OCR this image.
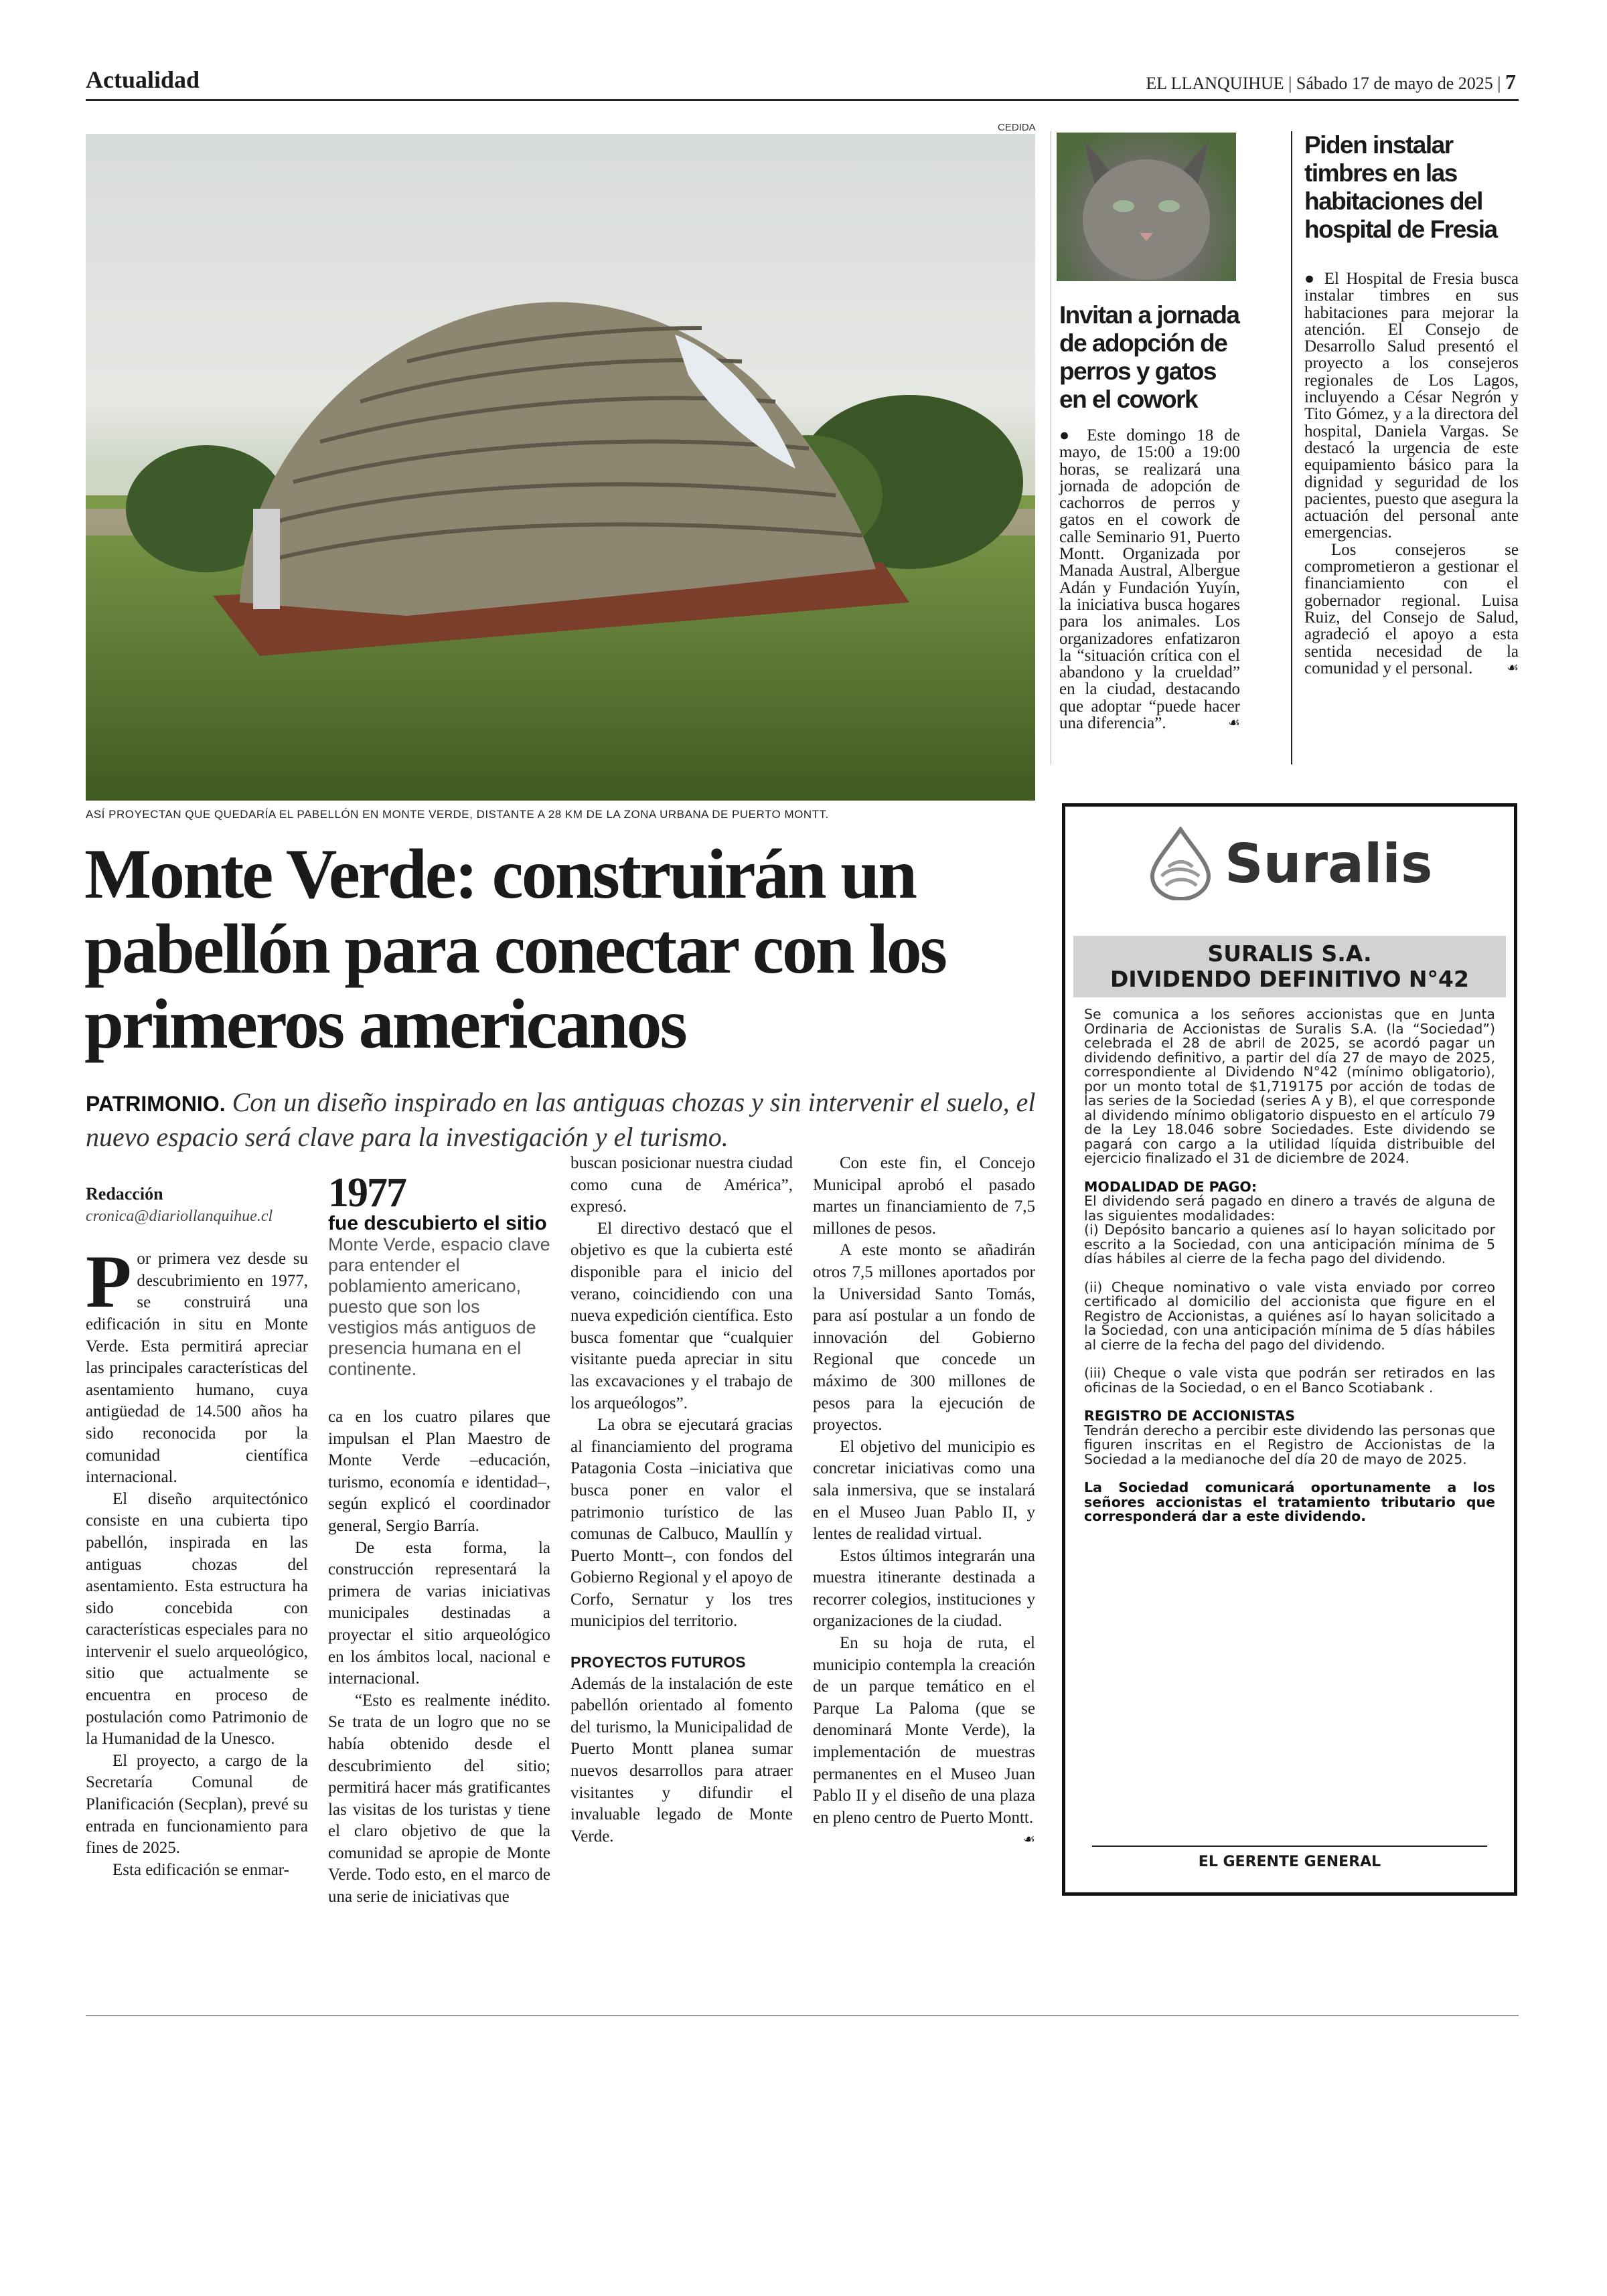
Actualidad	EL LLANQUIHUE | Sábado 17 de mayo de 2025 | 7
CEDIDA
ASÍ PROYECTAN QUE QUEDARÍA EL PABELLÓN EN MONTE VERDE, DISTANTE A 28 KM DE LA ZONA URBANA DE PUERTO MONTT.
Monte Verde: construirán un pabellón para conectar con los primeros americanos
PATRIMONIO. Con un diseño inspirado en las antiguas chozas y sin intervenir el suelo, el nuevo espacio será clave para la investigación y el turismo.
Redacción
cronica@diariollanquihue.cl

Por primera vez desde su descubrimiento en 1977, se construirá una edificación in situ en Monte Verde. Esta permitirá apreciar las principales características del asentamiento humano, cuya antigüedad de 14.500 años ha sido reconocida por la comunidad científica internacional.

El diseño arquitectónico consiste en una cubierta tipo pabellón, inspirada en las antiguas chozas del asentamiento. Esta estructura ha sido concebida con características especiales para no intervenir el suelo arqueológico, sitio que actualmente se encuentra en proceso de postulación como Patrimonio de la Humanidad de la Unesco.

El proyecto, a cargo de la Secretaría Comunal de Planificación (Secplan), prevé su entrada en funcionamiento para fines de 2025.

Esta edificación se enmar-

1977
fue descubierto el sitio Monte Verde, espacio clave para entender el poblamiento americano, puesto que son los vestigios más antiguos de presencia humana en el continente.

ca en los cuatro pilares que impulsan el Plan Maestro de Monte Verde –educación, turismo, economía e identidad–, según explicó el coordinador general, Sergio Barría.

De esta forma, la construcción representará la primera de varias iniciativas municipales destinadas a proyectar el sitio arqueológico en los ámbitos local, nacional e internacional.

“Esto es realmente inédito. Se trata de un logro que no se había obtenido desde el descubrimiento del sitio; permitirá hacer más gratificantes las visitas de los turistas y tiene el claro objetivo de que la comunidad se apropie de Monte Verde. Todo esto, en el marco de una serie de iniciativas que

buscan posicionar nuestra ciudad como cuna de América”, expresó.

El directivo destacó que el objetivo es que la cubierta esté disponible para el inicio del verano, coincidiendo con una nueva expedición científica. Esto busca fomentar que “cualquier visitante pueda apreciar in situ las excavaciones y el trabajo de los arqueólogos”.

La obra se ejecutará gracias al financiamiento del programa Patagonia Costa –iniciativa que busca poner en valor el patrimonio turístico de las comunas de Calbuco, Maullín y Puerto Montt–, con fondos del Gobierno Regional y el apoyo de Corfo, Sernatur y los tres municipios del territorio.

PROYECTOS FUTUROS

Además de la instalación de este pabellón orientado al fomento del turismo, la Municipalidad de Puerto Montt planea sumar nuevos desarrollos para atraer visitantes y difundir el invaluable legado de Monte Verde.

Con este fin, el Concejo Municipal aprobó el pasado martes un financiamiento de 7,5 millones de pesos.

A este monto se añadirán otros 7,5 millones aportados por la Universidad Santo Tomás, para así postular a un fondo de innovación del Gobierno Regional que concede un máximo de 300 millones de pesos para la ejecución de proyectos.

El objetivo del municipio es concretar iniciativas como una sala inmersiva, que se instalará en el Museo Juan Pablo II, y lentes de realidad virtual.

Estos últimos integrarán una muestra itinerante destinada a recorrer colegios, instituciones y organizaciones de la ciudad.

En su hoja de ruta, el municipio contempla la creación de un parque temático en el Parque La Paloma (que se denominará Monte Verde), la implementación de muestras permanentes en el Museo Juan Pablo II y el diseño de una plaza en pleno centro de Puerto Montt.
☙

Invitan a jornada de adopción de perros y gatos en el cowork
● Este domingo 18 de mayo, de 15:00 a 19:00 horas, se realizará una jornada de adopción de cachorros de perros y gatos en el cowork de calle Seminario 91, Puerto Montt. Organizada por Manada Austral, Albergue Adán y Fundación Yuyín, la iniciativa busca hogares para los animales. Los organizadores enfatizaron la “situación crítica con el abandono y la crueldad” en la ciudad, destacando que adoptar “puede hacer una diferencia”.	☙
Piden instalar timbres en las habitaciones del hospital de Fresia
● El Hospital de Fresia busca instalar timbres en sus habitaciones para mejorar la atención. El Consejo de Desarrollo Salud presentó el proyecto a los consejeros regionales de Los Lagos, incluyendo a César Negrón y Tito Gómez, y a la directora del hospital, Daniela Vargas. Se destacó la urgencia de este equipamiento básico para la dignidad y seguridad de los pacientes, puesto que asegura la actuación del personal ante emergencias.
Los consejeros se comprometieron a gestionar el financiamiento con el gobernador regional. Luisa Ruiz, del Consejo de Salud, agradeció el apoyo a esta sentida necesidad de la comunidad y el personal.	☙
Suralis
SURALIS S.A.
DIVIDENDO DEFINITIVO N°42

Se comunica a los señores accionistas que en Junta Ordinaria de Accionistas de Suralis S.A. (la “Sociedad”) celebrada el 28 de abril de 2025, se acordó pagar un dividendo definitivo, a partir del día 27 de mayo de 2025, correspondiente al Dividendo N°42 (mínimo obligatorio), por un monto total de $1,719175 por acción de todas de las series de la Sociedad (series A y B), el que corresponde al dividendo mínimo obligatorio dispuesto en el artículo 79 de la Ley 18.046 sobre Sociedades. Este dividendo se pagará con cargo a la utilidad líquida distribuible del ejercicio finalizado el 31 de diciembre de 2024.

MODALIDAD DE PAGO:
El dividendo será pagado en dinero a través de alguna de las siguientes modalidades:

(i) Depósito bancario a quienes así lo hayan solicitado por escrito a la Sociedad, con una anticipación mínima de 5 días hábiles al cierre de la fecha pago del dividendo.

(ii) Cheque nominativo o vale vista enviado por correo certificado al domicilio del accionista que figure en el Registro de Accionistas, a quiénes así lo hayan solicitado a la Sociedad, con una anticipación mínima de 5 días hábiles al cierre de la fecha del pago del dividendo.

(iii) Cheque o vale vista que podrán ser retirados en las oficinas de la Sociedad, o en el Banco Scotiabank .

REGISTRO DE ACCIONISTAS

Tendrán derecho a percibir este dividendo las personas que figuren inscritas en el Registro de Accionistas de la Sociedad a la medianoche del día 20 de mayo de 2025.

La Sociedad comunicará oportunamente a los señores accionistas el tratamiento tributario que corresponderá dar a este dividendo.

EL GERENTE GENERAL
